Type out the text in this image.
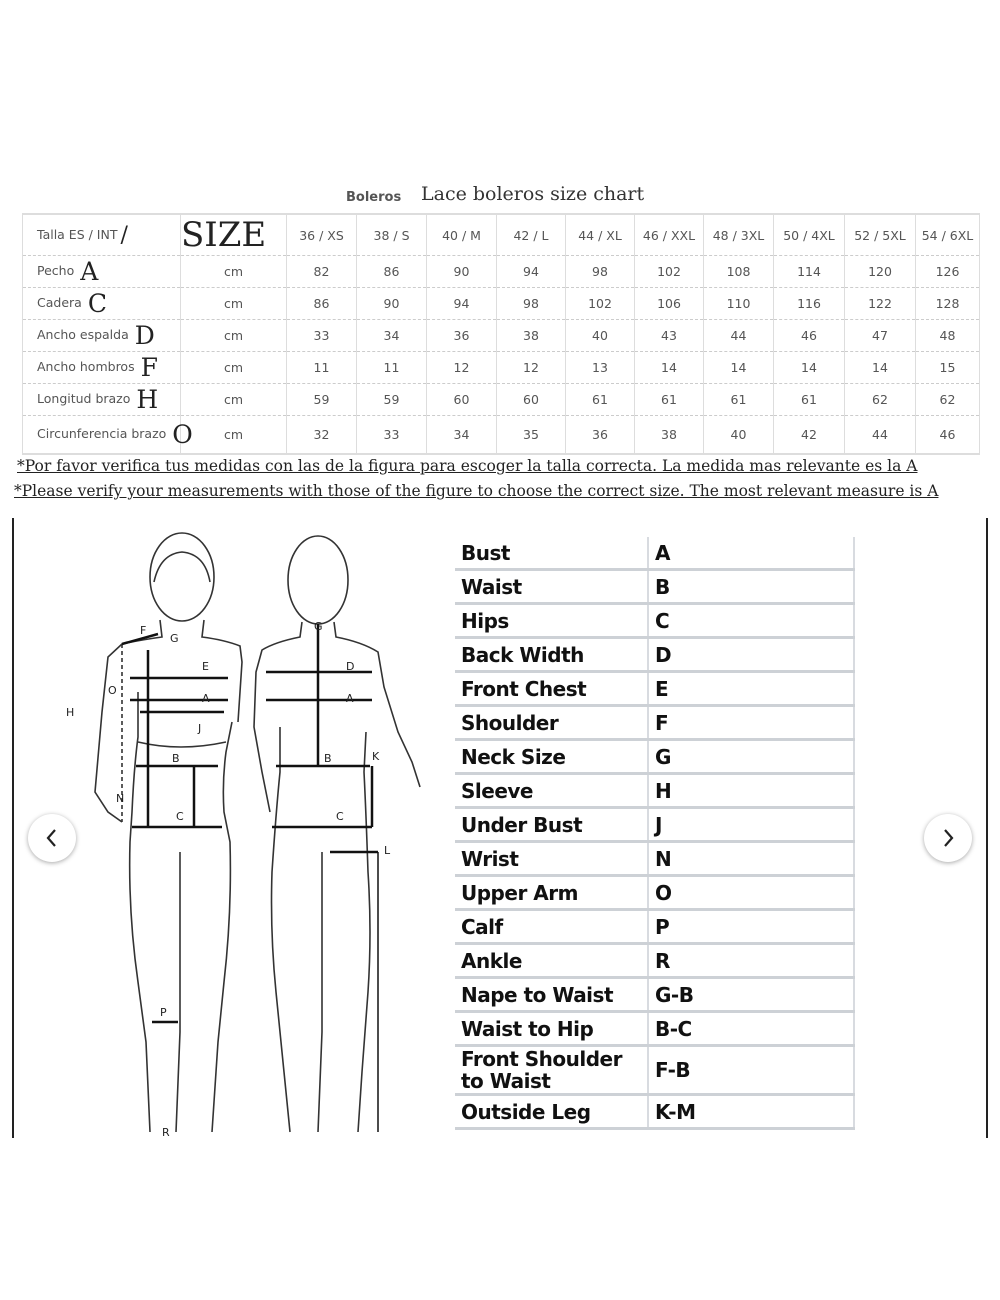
Boleros Lace boleros size chart
Talla ES / INT /	SIZE	36 / XS	38 / S	40 / M	42 / L	44 / XL	46 / XXL	48 / 3XL	50 / 4XL	52 / 5XL	54 / 6XL
Pecho A	cm	82	86	90	94	98	102	108	114	120	126
Cadera C	cm	86	90	94	98	102	106	110	116	122	128
Ancho espalda D	cm	33	34	36	38	40	43	44	46	47	48
Ancho hombros F	cm	11	11	12	12	13	14	14	14	14	15
Longitud brazo H	cm	59	59	60	60	61	61	61	61	62	62
Circunferencia brazo O	cm	32	33	34	35	36	38	40	42	44	46
*Por favor verifica tus medidas con las de la figura para escoger la talla correcta. La medida mas relevante es la A
*Please verify your measurements with those of the figure to choose the correct size. The most relevant measure is A
F
G
E
O
A
H
J
B
N
C
P
R
G
D
A
B	K
C
L
Bust	A
Waist	B
Hips	C
Back Width	D
Front Chest	E
Shoulder	F
Neck Size	G
Sleeve	H
Under Bust	J
Wrist	N
Upper Arm	O
Calf	P
Ankle	R
Nape to Waist	G-B
Waist to Hip	B-C
Front Shoulder to Waist	F-B
Outside Leg	K-M
